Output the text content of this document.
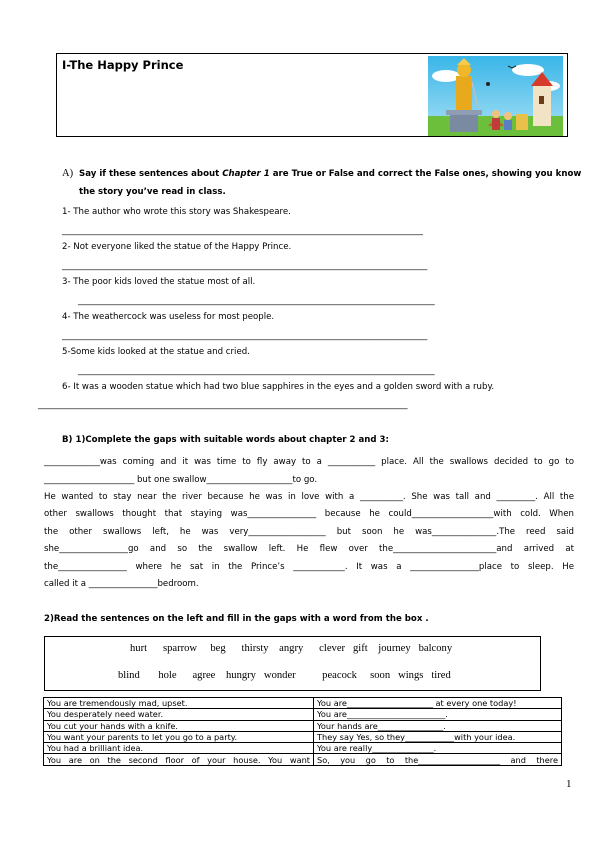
I-The Happy Prince
A) Say if these sentences about Chapter 1 are True or False and correct the False ones, showing you know
the story you’ve read in class.
1- The author who wrote this story was Shakespeare.
____________________________________________________________________________________
2- Not everyone liked the statue of the Happy Prince.
_____________________________________________________________________________________
3- The poor kids loved the statue most of all.
___________________________________________________________________________________
4- The weathercock was useless for most people.
_____________________________________________________________________________________
5-Some kids looked at the statue and cried.
___________________________________________________________________________________
6- It was a wooden statue which had two blue sapphires in the eyes and a golden sword with a ruby.
______________________________________________________________________________________
B) 1)Complete the gaps with suitable words about chapter 2 and 3:
_____________was coming and it was time to fly away to a ___________ place. All the swallows decided to go to
_____________________ but one swallow____________________to go.
He wanted to stay near the river because he was in love with a __________. She was tall and _________. All the
other swallows thought that staying was________________ because he could___________________with cold. When
the other swallows left, he was very__________________ but soon he was_______________.The reed said
she________________go and so the swallow left. He flew over the________________________and arrived at
the________________ where he sat in the Prince’s ____________. It was a ________________place to sleep. He
called it a ________________bedroom.
2)Read the sentences on the left and fill in the gaps with a word from the box .
hurt      sparrow     beg      thirsty    angry      clever   gift    journey   balcony
blind       hole      agree    hungry   wonder          peacock     soon   wings   tired
You are tremendously mad, upset.	You are_____________________ at every one today!
You desperately need water.	You are________________________.
You cut your hands with a knife.	Your hands are________________.
You want your parents to let you go to a party.	They say Yes, so they____________with your idea.
You had a brilliant idea.	You are really_______________.
You are on the second floor of your house. You want	So, you go to the____________________ and there
1
